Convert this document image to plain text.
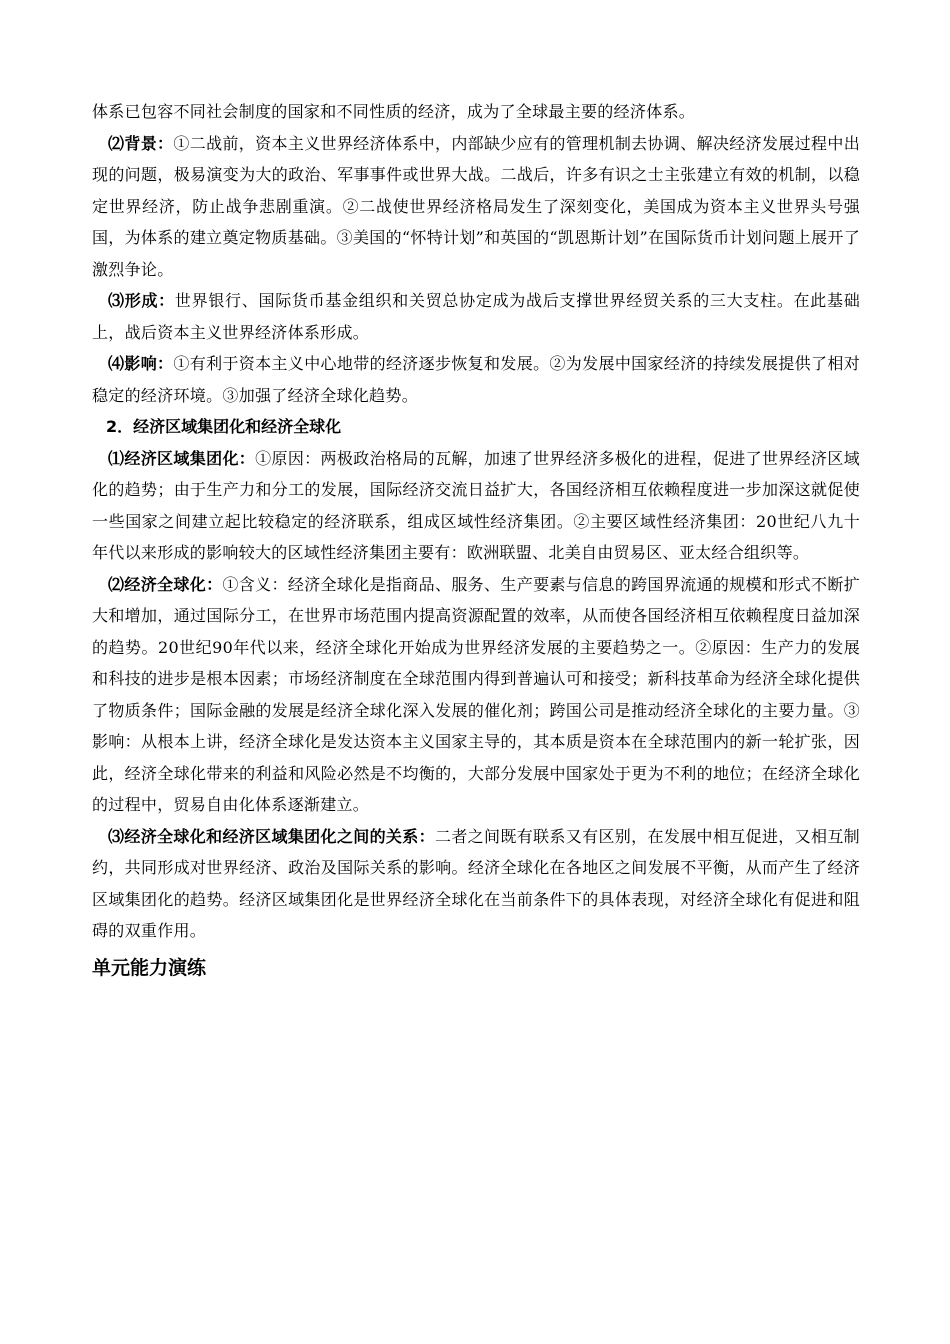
体系已包容不同社会制度的国家和不同性质的经济，成为了全球最主要的经济体系。

⑵背景：①二战前，资本主义世界经济体系中，内部缺少应有的管理机制去协调、解决经济发展过程中出现的问题，极易演变为大的政治、军事事件或世界大战。二战后，许多有识之士主张建立有效的机制，以稳定世界经济，防止战争悲剧重演。②二战使世界经济格局发生了深刻变化，美国成为资本主义世界头号强国，为体系的建立奠定物质基础。③美国的“怀特计划”和英国的“凯恩斯计划”在国际货币计划问题上展开了激烈争论。

⑶形成：世界银行、国际货币基金组织和关贸总协定成为战后支撑世界经贸关系的三大支柱。在此基础上，战后资本主义世界经济体系形成。

⑷影响：①有利于资本主义中心地带的经济逐步恢复和发展。②为发展中国家经济的持续发展提供了相对稳定的经济环境。③加强了经济全球化趋势。

2．经济区域集团化和经济全球化

⑴经济区域集团化：①原因：两极政治格局的瓦解，加速了世界经济多极化的进程，促进了世界经济区域化的趋势；由于生产力和分工的发展，国际经济交流日益扩大，各国经济相互依赖程度进一步加深这就促使一些国家之间建立起比较稳定的经济联系，组成区域性经济集团。②主要区域性经济集团：20世纪八九十年代以来形成的影响较大的区域性经济集团主要有：欧洲联盟、北美自由贸易区、亚太经合组织等。

⑵经济全球化：①含义：经济全球化是指商品、服务、生产要素与信息的跨国界流通的规模和形式不断扩大和增加，通过国际分工，在世界市场范围内提高资源配置的效率，从而使各国经济相互依赖程度日益加深的趋势。20世纪90年代以来，经济全球化开始成为世界经济发展的主要趋势之一。②原因：生产力的发展和科技的进步是根本因素；市场经济制度在全球范围内得到普遍认可和接受；新科技革命为经济全球化提供了物质条件；国际金融的发展是经济全球化深入发展的催化剂；跨国公司是推动经济全球化的主要力量。③影响：从根本上讲，经济全球化是发达资本主义国家主导的，其本质是资本在全球范围内的新一轮扩张，因此，经济全球化带来的利益和风险必然是不均衡的，大部分发展中国家处于更为不利的地位；在经济全球化的过程中，贸易自由化体系逐渐建立。

⑶经济全球化和经济区域集团化之间的关系：二者之间既有联系又有区别，在发展中相互促进，又相互制约，共同形成对世界经济、政治及国际关系的影响。经济全球化在各地区之间发展不平衡，从而产生了经济区域集团化的趋势。经济区域集团化是世界经济全球化在当前条件下的具体表现，对经济全球化有促进和阻碍的双重作用。

单元能力演练
